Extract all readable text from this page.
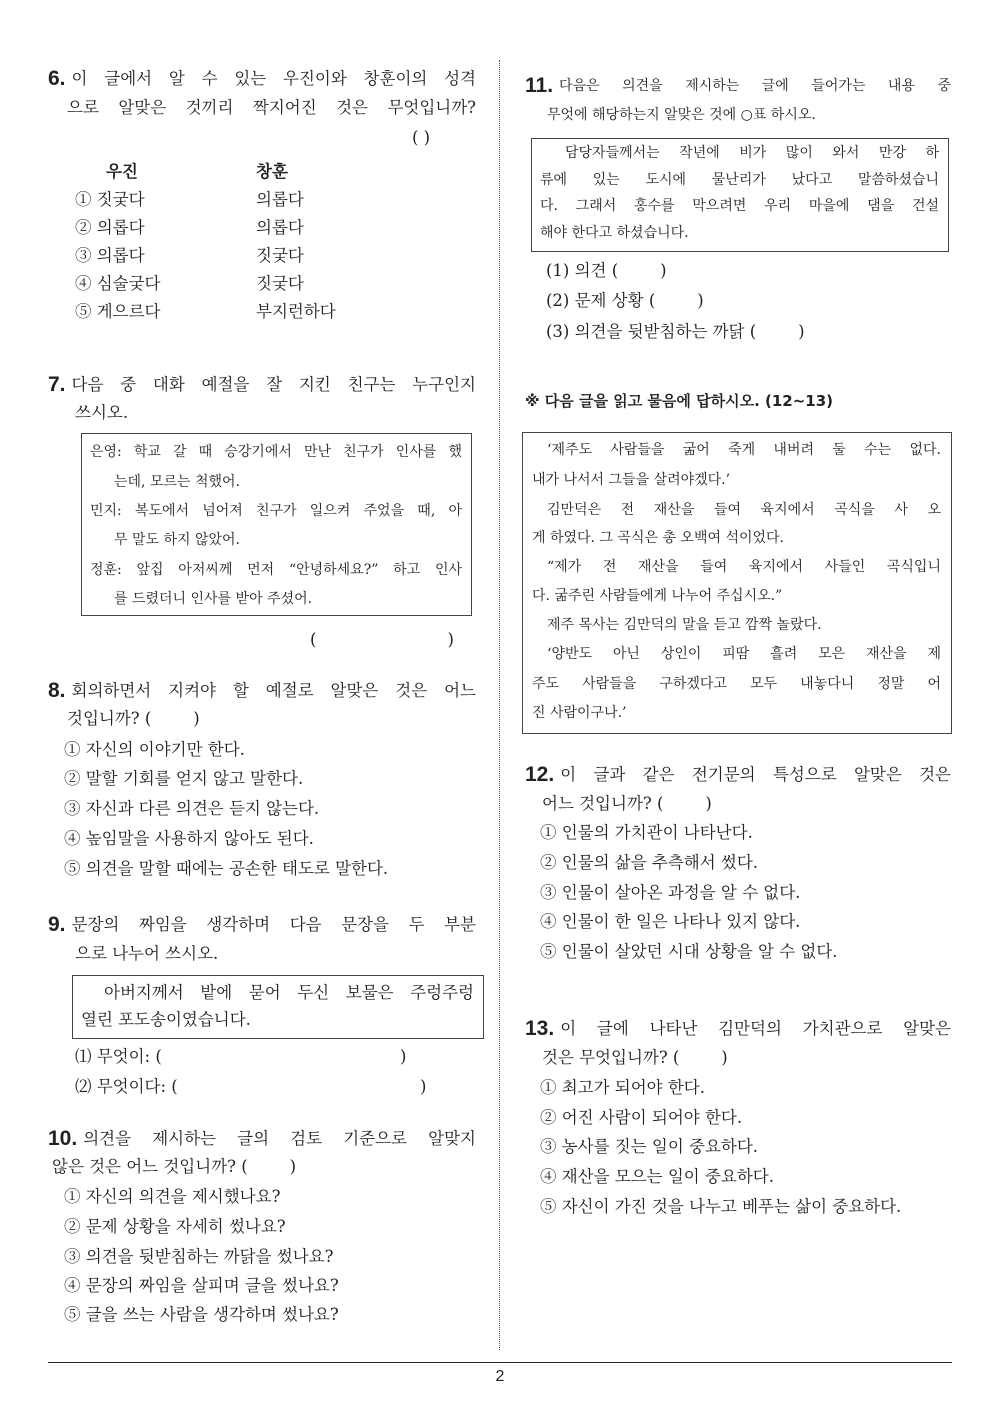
6. 이 글에서 알 수 있는 우진이와 창훈이의 성격
으로 알맞은 것끼리 짝지어진 것은 무엇입니까?
( )
우진	창훈
① 짓궂다	의롭다
② 의롭다	의롭다
③ 의롭다	짓궂다
④ 심술궂다	짓궂다
⑤ 게으르다	부지런하다
7. 다음 중 대화 예절을 잘 지킨 친구는 누구인지
쓰시오.
은영: 학교 갈 때 승강기에서 만난 친구가 인사를 했
는데, 모르는 척했어.
민지: 복도에서 넘어져 친구가 일으켜 주었을 때, 아
무 말도 하지 않았어.
정훈: 앞집 아저씨께 먼저 “안녕하세요?” 하고 인사
를 드렸더니 인사를 받아 주셨어.
(                         )
8. 회의하면서 지켜야 할 예절로 알맞은 것은 어느
것입니까? (        )
① 자신의 이야기만 한다.
② 말할 기회를 얻지 않고 말한다.
③ 자신과 다른 의견은 듣지 않는다.
④ 높임말을 사용하지 않아도 된다.
⑤ 의견을 말할 때에는 공손한 태도로 말한다.
9. 문장의 짜임을 생각하며 다음 문장을 두 부분
으로 나누어 쓰시오.
아버지께서 밭에 묻어 두신 보물은 주렁주렁
열린 포도송이였습니다.
⑴ 무엇이: (	)
⑵ 무엇이다: (	)
10. 의견을 제시하는 글의 검토 기준으로 알맞지
않은 것은 어느 것입니까? (        )
① 자신의 의견을 제시했나요?
② 문제 상황을 자세히 썼나요?
③ 의견을 뒷받침하는 까닭을 썼나요?
④ 문장의 짜임을 살피며 글을 썼나요?
⑤ 글을 쓰는 사람을 생각하며 썼나요?
11. 다음은 의견을 제시하는 글에 들어가는 내용 중
무엇에 해당하는지 알맞은 것에 ○표 하시오.
담당자들께서는 작년에 비가 많이 와서 만강 하
류에 있는 도시에 물난리가 났다고 말씀하셨습니
다. 그래서 홍수를 막으려면 우리 마을에 댐을 건설
해야 한다고 하셨습니다.
(1) 의견 (        )
(2) 문제 상황 (        )
(3) 의견을 뒷받침하는 까닭 (        )
※ 다음 글을 읽고 물음에 답하시오. (12~13)
‘제주도 사람들을 굶어 죽게 내버려 둘 수는 없다.
내가 나서서 그들을 살려야겠다.’
김만덕은 전 재산을 들여 육지에서 곡식을 사 오
게 하였다. 그 곡식은 총 오백여 석이었다.
“제가 전 재산을 들여 육지에서 사들인 곡식입니
다. 굶주린 사람들에게 나누어 주십시오.”
제주 목사는 김만덕의 말을 듣고 깜짝 놀랐다.
‘양반도 아닌 상인이 피땀 흘려 모은 재산을 제
주도 사람들을 구하겠다고 모두 내놓다니 정말 어
진 사람이구나.’
12. 이 글과 같은 전기문의 특성으로 알맞은 것은
어느 것입니까? (        )
① 인물의 가치관이 나타난다.
② 인물의 삶을 추측해서 썼다.
③ 인물이 살아온 과정을 알 수 없다.
④ 인물이 한 일은 나타나 있지 않다.
⑤ 인물이 살았던 시대 상황을 알 수 없다.
13. 이 글에 나타난 김만덕의 가치관으로 알맞은
것은 무엇입니까? (        )
① 최고가 되어야 한다.
② 어진 사람이 되어야 한다.
③ 농사를 짓는 일이 중요하다.
④ 재산을 모으는 일이 중요하다.
⑤ 자신이 가진 것을 나누고 베푸는 삶이 중요하다.
2
